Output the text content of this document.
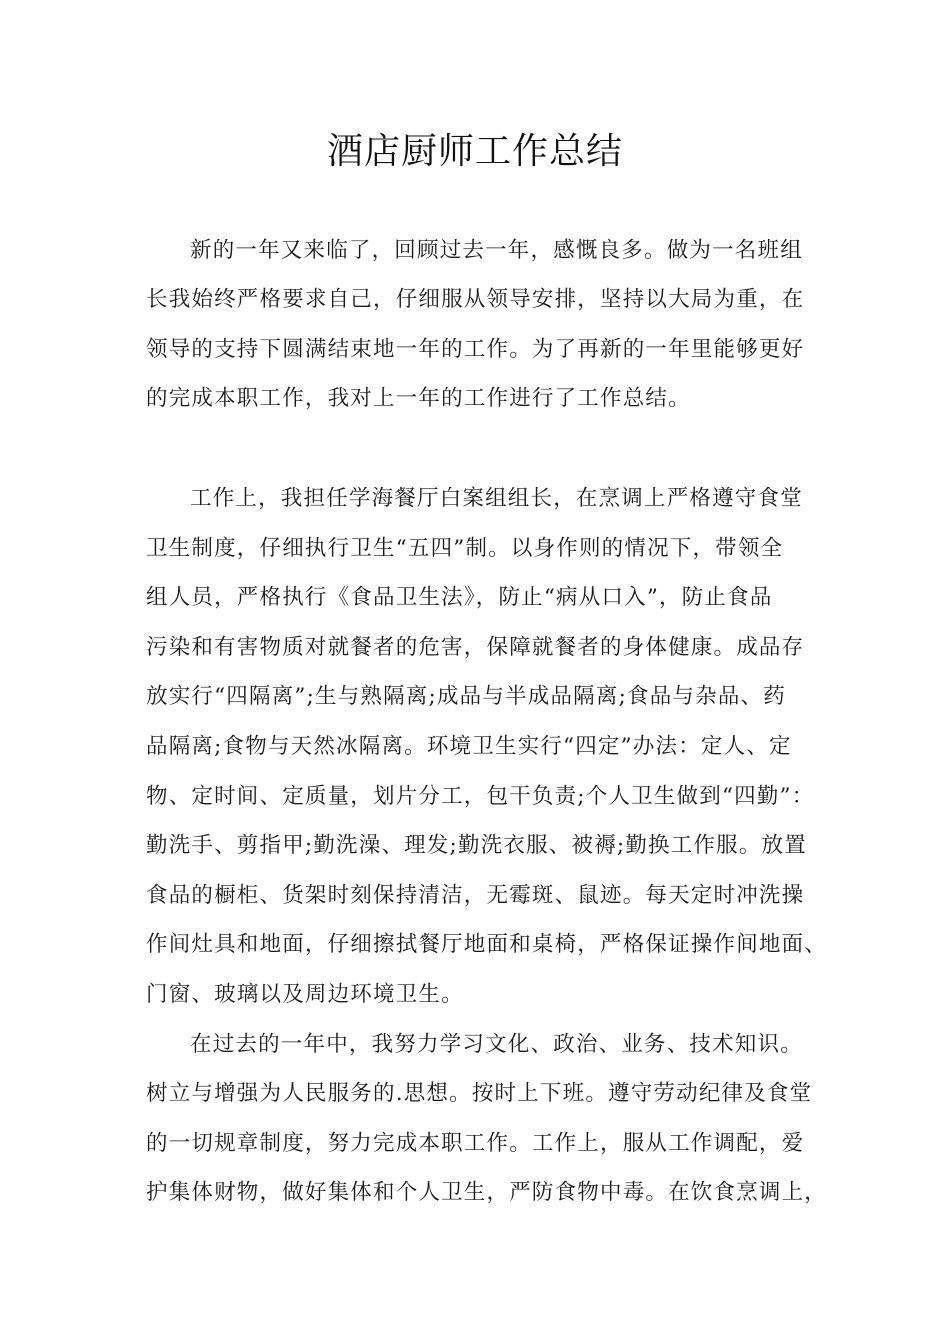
酒店厨师工作总结
新的一年又来临了，回顾过去一年，感慨良多。做为一名班组
长我始终严格要求自己，仔细服从领导安排，坚持以大局为重，在
领导的支持下圆满结束地一年的工作。为了再新的一年里能够更好
的完成本职工作，我对上一年的工作进行了工作总结。
工作上，我担任学海餐厅白案组组长，在烹调上严格遵守食堂
卫生制度，仔细执行卫生“五四”制。以身作则的情况下，带领全
组人员，严格执行《食品卫生法》，防止“病从口入”，防止食品
污染和有害物质对就餐者的危害，保障就餐者的身体健康。成品存
放实行“四隔离”;生与熟隔离;成品与半成品隔离;食品与杂品、药
品隔离;食物与天然冰隔离。环境卫生实行“四定”办法：定人、定
物、定时间、定质量，划片分工，包干负责;个人卫生做到“四勤”：
勤洗手、剪指甲;勤洗澡、理发;勤洗衣服、被褥;勤换工作服。放置
食品的橱柜、货架时刻保持清洁，无霉斑、鼠迹。每天定时冲洗操
作间灶具和地面，仔细擦拭餐厅地面和桌椅，严格保证操作间地面、
门窗、玻璃以及周边环境卫生。
在过去的一年中，我努力学习文化、政治、业务、技术知识。
树立与增强为人民服务的.思想。按时上下班。遵守劳动纪律及食堂
的一切规章制度，努力完成本职工作。工作上，服从工作调配，爱
护集体财物，做好集体和个人卫生，严防食物中毒。在饮食烹调上，
